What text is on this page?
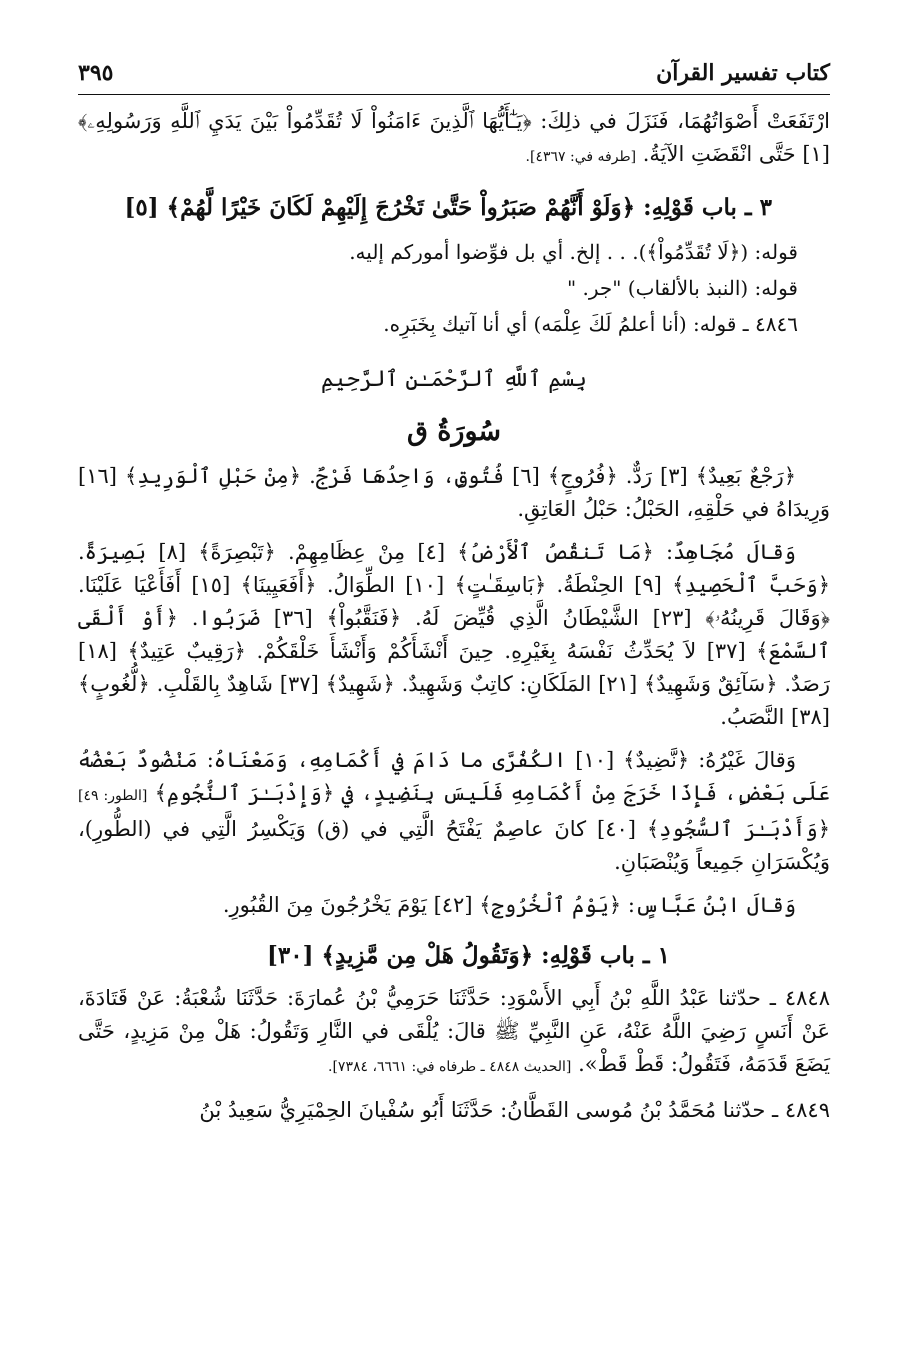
كتاب تفسير القرآن
٣٩٥

ارْتَفَعَتْ أَصْوَاتُهُمَا، فَنَزَلَ في ذلِكَ: ﴿يَـٰٓأَيُّهَا ٱلَّذِينَ ءَامَنُواْ لَا تُقَدِّمُواْ بَيْنَ يَدَيِ ٱللَّهِ وَرَسُولِهِۦ﴾ [١] حَتَّى انْقَضَتِ الآيَةُ. [طرفه في: ٤٣٦٧].

٣ ـ باب قَوْلِهِ: ﴿وَلَوْ أَنَّهُمْ صَبَرُواْ حَتَّىٰ تَخْرُجَ إِلَيْهِمْ لَكَانَ خَيْرًا لَّهُمْ﴾ [٥]

قوله: (﴿لَا تُقَدِّمُواْ﴾). . . إلخ. أي بل فوِّضوا أموركم إليه.

قوله: (النبذ بالألقاب) "جر. "

٤٨٤٦ ـ قوله: (أنا أعلمُ لَكَ عِلْمَه) أي أنا آتيك بِخَبَرِه.

بِسْمِ ٱللَّهِ ٱلرَّحْمَـٰنِ ٱلرَّحِيمِ

سُورَةُ ق

﴿رَجْعٌ بَعِيدٌ﴾ [٣] رَدٌّ. ﴿فُرُوجٍ﴾ [٦] فُتُوقٍ، وَاحِدُهَا فَرْجٌ. ﴿مِنْ حَبْلِ ٱلْوَرِيدِ﴾ [١٦] وَرِيدَاهُ في حَلْقِهِ، الحَبْلُ: حَبْلُ العَاتِقِ.

وَقالَ مُجَاهِدٌ: ﴿مَا تَنقُصُ ٱلْأَرْضُ﴾ [٤] مِنْ عِظَامِهِمْ. ﴿تَبْصِرَةً﴾ [٨] بَصِيرَةً. ﴿وَحَبَّ ٱلْحَصِيدِ﴾ [٩] الحِنْطَةُ. ﴿بَاسِقَـٰتٍ﴾ [١٠] الطِّوَالُ. ﴿أَفَعَيِينَا﴾ [١٥] أَفَأَعْيَا عَلَيْنَا. ﴿وَقَالَ قَرِينُهُۥ﴾ [٢٣] الشَّيْطَانُ الَّذِي قُيِّضَ لَهُ. ﴿فَنَقَّبُواْ﴾ [٣٦] ضَرَبُوا. ﴿أَوْ أَلْقَى ٱلسَّمْعَ﴾ [٣٧] لاَ يُحَدِّثُ نَفْسَهُ بِغَيْرِهِ. حِينَ أَنْشَأَكُمْ وَأَنْشَأَ خَلْقَكُمْ. ﴿رَقِيبٌ عَتِيدٌ﴾ [١٨] رَصَدٌ. ﴿سَآئِقٌ وَشَهِيدٌ﴾ [٢١] المَلَكَانِ: كاتِبٌ وَشَهِيدٌ. ﴿شَهِيدٌ﴾ [٣٧] شَاهِدٌ بِالقَلْبِ. ﴿لُّغُوبٍ﴾ [٣٨] النَّصَبُ.

وَقالَ غَيْرُهُ: ﴿نَّضِيدٌ﴾ [١٠] الكُفُرَّى ما دَامَ في أَكْمَامِهِ، وَمَعْنَاهُ: مَنْضُودٌ بَعْضُهُ عَلَى بَعْضٍ، فَإِذَا خَرَجَ مِنْ أَكْمَامِهِ فَلَيسَ بِنَضِيدٍ، في ﴿وَإِدْبَـٰرَ ٱلنُّجُومِ﴾ [الطور: ٤٩] ﴿وَأَدْبَـٰرَ ٱلسُّجُودِ﴾ [٤٠] كانَ عاصِمٌ يَفْتَحُ الَّتِي في (ق) وَيَكْسِرُ الَّتِي في (الطُّورِ)، وَيُكْسَرَانِ جَمِيعاً وَيُنْصَبَانِ.

وَقالَ ابْنُ عَبَّاسٍ: ﴿يَوْمُ ٱلْخُرُوجِ﴾ [٤٢] يَوْمَ يَخْرُجُونَ مِنَ القُبُورِ.

١ ـ باب قَوْلِهِ: ﴿وَتَقُولُ هَلْ مِن مَّزِيدٍ﴾ [٣٠]

٤٨٤٨ ـ حدّثنا عَبْدُ اللَّهِ بْنُ أَبِي الأَسْوَدِ: حَدَّثَنَا حَرَمِيُّ بْنُ عُمارَةَ: حَدَّثَنَا شُعْبَةُ: عَنْ قَتَادَةَ، عَنْ أَنَسٍ رَضِيَ اللَّهُ عَنْهُ، عَنِ النَّبِيِّ ﷺ قالَ: يُلْقَى في النَّارِ وَتَقُولُ: هَلْ مِنْ مَزِيدٍ، حَتَّى يَضَعَ قَدَمَهُ، فَتَقُولُ: قَطْ قَطْ». [الحديث ٤٨٤٨ ـ طرفاه في: ٦٦٦١، ٧٣٨٤].

٤٨٤٩ ـ حدّثنا مُحَمَّدُ بْنُ مُوسى القَطَّانُ: حَدَّثَنَا أَبُو سُفْيانَ الحِمْيَرِيُّ سَعِيدُ بْنُ
